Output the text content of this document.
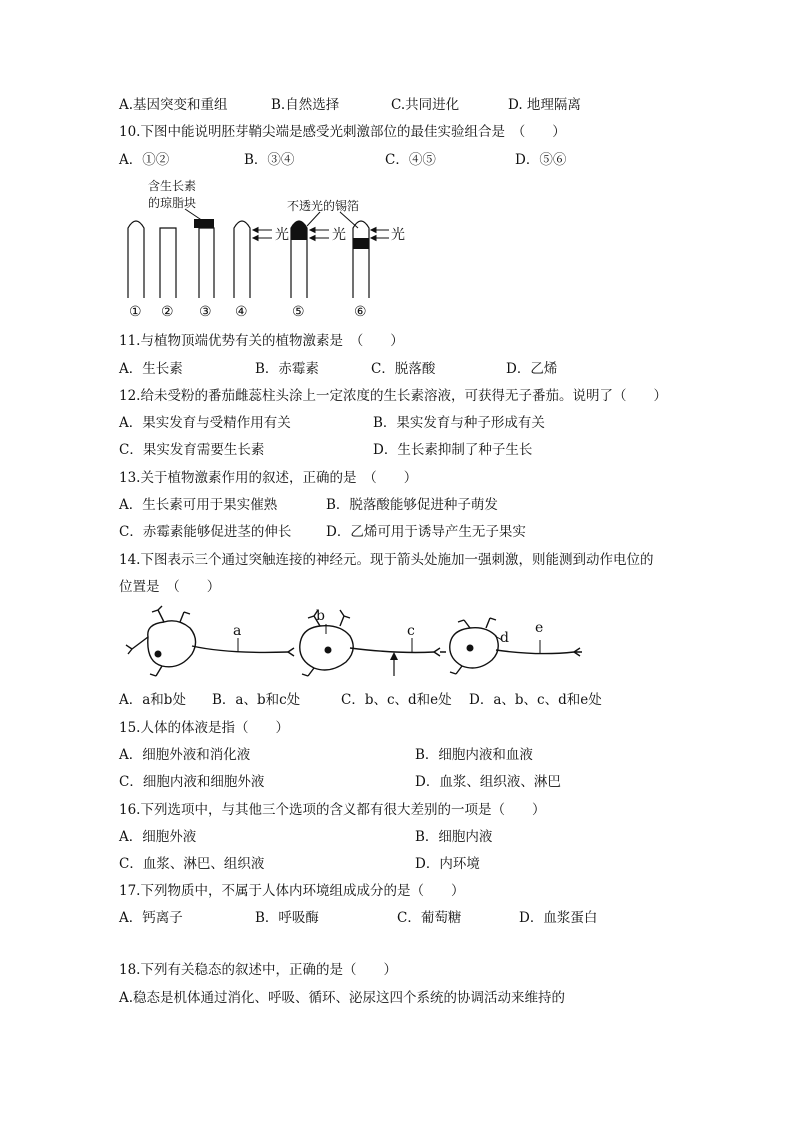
A.基因突变和重组	B.自然选择	C.共同进化	D. 地理隔离
10.下图中能说明胚芽鞘尖端是感受光刺激部位的最佳实验组合是　（　　）
A．①②	B．③④	C．④⑤	D．⑤⑥
含生长素
的琼脂块	不透光的锡箔
光	光	光
① ② ③ ④	⑤	⑥
11.与植物顶端优势有关的植物激素是　（　　）
A．生长素	B．赤霉素	C．脱落酸	D．乙烯
12.给未受粉的番茄雌蕊柱头涂上一定浓度的生长素溶液，可获得无子番茄。说明了（　　）
A．果实发育与受精作用有关	B．果实发育与种子形成有关
C．果实发育需要生长素	D．生长素抑制了种子生长
13.关于植物激素作用的叙述，正确的是　（　　）
A．生长素可用于果实催熟	B．脱落酸能够促进种子萌发
C．赤霉素能够促进茎的伸长	D．乙烯可用于诱导产生无子果实
14.下图表示三个通过突触连接的神经元。现于箭头处施加一强刺激，则能测到动作电位的
位置是　（　　）
a
b
c	d
e
A．a和b处 B．a、b和c处	C．b、c、d和e处 D．a、b、c、d和e处
15.人体的体液是指（　　）
A．细胞外液和消化液	B．细胞内液和血液
C．细胞内液和细胞外液	D．血浆、组织液、淋巴
16.下列选项中，与其他三个选项的含义都有很大差别的一项是（　　）
A．细胞外液	B．细胞内液
C．血浆、淋巴、组织液	D．内环境
17.下列物质中，不属于人体内环境组成成分的是（　　）
A．钙离子	B．呼吸酶	C．葡萄糖	D．血浆蛋白
18.下列有关稳态的叙述中，正确的是（　　）
A.稳态是机体通过消化、呼吸、循环、泌尿这四个系统的协调活动来维持的
